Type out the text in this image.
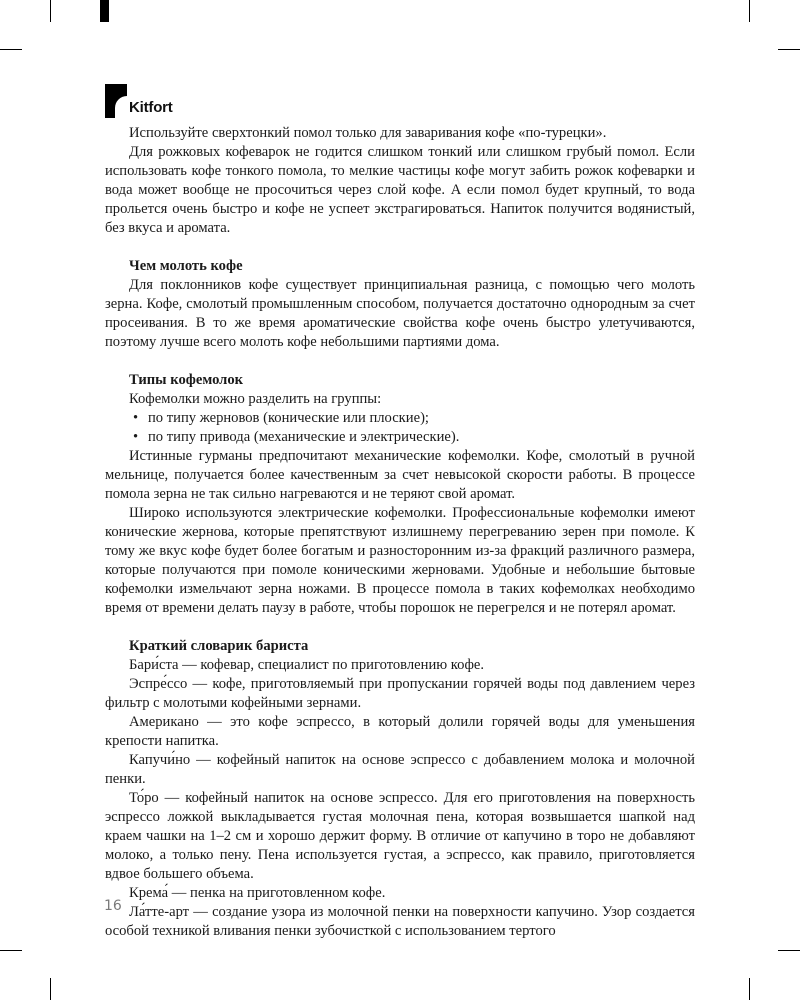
Kitfort

Используйте сверхтонкий помол только для заваривания кофе «по-турецки».

Для рожковых кофеварок не годится слишком тонкий или слишком грубый помол. Если использовать кофе тонкого помола, то мелкие частицы кофе могут забить рожок кофеварки и вода может вообще не просочиться через слой кофе. А если помол будет крупный, то вода прольется очень быстро и кофе не успеет экстрагироваться. Напиток получится водянистый, без вкуса и аромата.

Чем молоть кофе

Для поклонников кофе существует принципиальная разница, с помощью чего молоть зерна. Кофе, смолотый промышленным способом, получается достаточно однородным за счет просеивания. В то же время ароматические свойства кофе очень быстро улетучиваются, поэтому лучше всего молоть кофе небольшими партиями дома.

Типы кофемолок

Кофемолки можно разделить на группы:

• по типу жерновов (конические или плоские);
• по типу привода (механические и электрические).

Истинные гурманы предпочитают механические кофемолки. Кофе, смолотый в ручной мельнице, получается более качественным за счет невысокой скорости работы. В процессе помола зерна не так сильно нагреваются и не теряют свой аромат.

Широко используются электрические кофемолки. Профессиональные кофемолки имеют конические жернова, которые препятствуют излишнему перегреванию зерен при помоле. К тому же вкус кофе будет более богатым и разносторонним из-за фракций различного размера, которые получаются при помоле коническими жерновами. Удобные и небольшие бытовые кофемолки измельчают зерна ножами. В процессе помола в таких кофемолках необходимо время от времени делать паузу в работе, чтобы порошок не перегрелся и не потерял аромат.

Краткий словарик бариста

Бари́ста — кофевар, специалист по приготовлению кофе.

Эспре́ссо — кофе, приготовляемый при пропускании горячей воды под давлением через фильтр с молотыми кофейными зернами.

Американо — это кофе эспрессо, в который долили горячей воды для уменьшения крепости напитка.

Капучи́но — кофейный напиток на основе эспрессо с добавлением молока и молочной пенки.

То́ро — кофейный напиток на основе эспрессо. Для его приготовления на поверхность эспрессо ложкой выкладывается густая молочная пена, которая возвышается шапкой над краем чашки на 1–2 см и хорошо держит форму. В отличие от капучино в торо не добавляют молоко, а только пену. Пена используется густая, а эспрессо, как правило, приготовляется вдвое большего объема.

Крема́ — пенка на приготовленном кофе.

Ла́тте-арт — создание узора из молочной пенки на поверхности капучино. Узор создается особой техникой вливания пенки зубочисткой с использованием тертого

16
